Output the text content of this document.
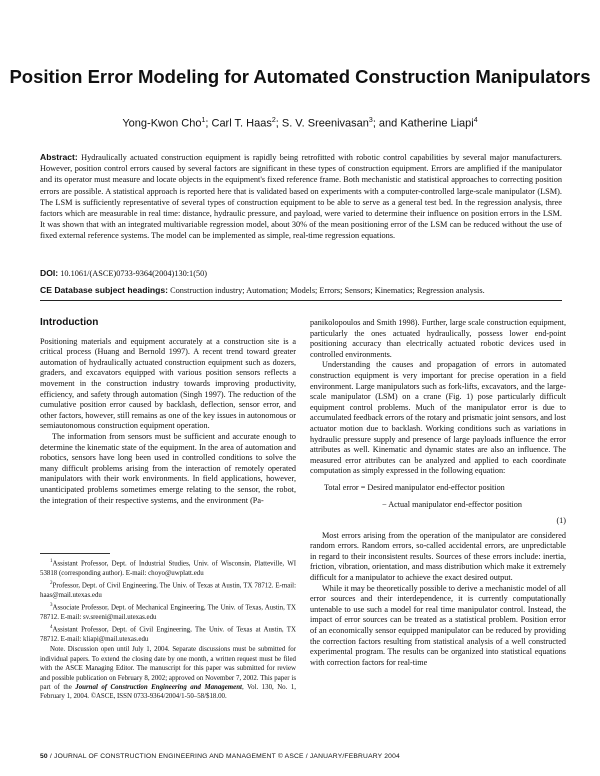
Position Error Modeling for Automated Construction Manipulators
Yong-Kwon Cho$^1$; Carl T. Haas$^2$; S. V. Sreenivasan$^3$; and Katherine Liapi$^4$
Abstract: Hydraulically actuated construction equipment is rapidly being retrofitted with robotic control capabilities by several major manufacturers. However, position control errors caused by several factors are significant in these types of construction equipment. Errors are amplified if the manipulator and its operator must measure and locate objects in the equipment's fixed reference frame. Both mechanistic and statistical approaches to correcting position errors are possible. A statistical approach is reported here that is validated based on experiments with a computer-controlled large-scale manipulator (LSM). The LSM is sufficiently representative of several types of construction equipment to be able to serve as a general test bed. In the regression analysis, three factors which are measurable in real time: distance, hydraulic pressure, and payload, were varied to determine their influence on position errors in the LSM. It was shown that with an integrated multivariable regression model, about 30% of the mean positioning error of the LSM can be reduced without the use of fixed external reference systems. The model can be implemented as simple, real-time regression equations.
DOI: 10.1061/(ASCE)0733-9364(2004)130:1(50)
CE Database subject headings: Construction industry; Automation; Models; Errors; Sensors; Kinematics; Regression analysis.
Introduction

Positioning materials and equipment accurately at a construction site is a critical process (Huang and Bernold 1997). A recent trend toward greater automation of hydraulically actuated construction equipment such as dozers, graders, and excavators equipped with various position sensors reflects a movement in the construction industry towards improving productivity, efficiency, and safety through automation (Singh 1997). The reduction of the cumulative position error caused by backlash, deflection, sensor error, and other factors, however, still remains as one of the key issues in autonomous or semiautonomous construction equipment operation.

The information from sensors must be sufficient and accurate enough to determine the kinematic state of the equipment. In the area of automation and robotics, sensors have long been used in controlled conditions to solve the many difficult problems arising from the interaction of remotely operated manipulators with their work environments. In field applications, however, unanticipated problems sometimes emerge relating to the sensor, the robot, the integration of their respective systems, and the environment (Pa-

$^1$Assistant Professor, Dept. of Industrial Studies, Univ. of Wisconsin, Platteville, WI 53818 (corresponding author). E-mail: choyo@uwplatt.edu

$^2$Professor, Dept. of Civil Engineering, The Univ. of Texas at Austin, TX 78712. E-mail: haas@mail.utexas.edu

$^3$Associate Professor, Dept. of Mechanical Engineering, The Univ. of Texas, Austin, TX 78712. E-mail: sv.sreeni@mail.utexas.edu

$^4$Assistant Professor, Dept. of Civil Engineering, The Univ. of Texas at Austin, TX 78712. E-mail: kliapi@mail.utexas.edu

Note. Discussion open until July 1, 2004. Separate discussions must be submitted for individual papers. To extend the closing date by one month, a written request must be filed with the ASCE Managing Editor. The manuscript for this paper was submitted for review and possible publication on February 8, 2002; approved on November 7, 2002. This paper is part of the Journal of Construction Engineering and Management, Vol. 130, No. 1, February 1, 2004. ©ASCE, ISSN 0733-9364/2004/1-50–58/$18.00.

panikolopoulos and Smith 1998). Further, large scale construction equipment, particularly the ones actuated hydraulically, possess lower end-point positioning accuracy than electrically actuated robotic devices used in controlled environments.

Understanding the causes and propagation of errors in automated construction equipment is very important for precise operation in a field environment. Large manipulators such as fork-lifts, excavators, and the large-scale manipulator (LSM) on a crane (Fig. 1) pose particularly difficult equipment control problems. Much of the manipulator error is due to accumulated feedback errors of the rotary and prismatic joint sensors, and lost actuator motion due to backlash. Working conditions such as variations in hydraulic pressure supply and presence of large payloads influence the error attributes as well. Kinematic and dynamic states are also an influence. The measured error attributes can be analyzed and applied to each coordinate computation as simply expressed in the following equation:

Total error = Desired manipulator end-effector position
− Actual manipulator end-effector position
(1)

Most errors arising from the operation of the manipulator are considered random errors. Random errors, so-called accidental errors, are unpredictable in regard to their inconsistent results. Sources of these errors include: inertia, friction, vibration, orientation, and mass distribution which make it extremely difficult for a manipulator to achieve the exact desired output.

While it may be theoretically possible to derive a mechanistic model of all error sources and their interdependence, it is currently computationally untenable to use such a model for real time manipulator control. Instead, the impact of error sources can be treated as a statistical problem. Position error of an economically sensor equipped manipulator can be reduced by providing the correction factors resulting from statistical analysis of a well constructed experimental program. The results can be organized into statistical equations with correction factors for real-time

50 / JOURNAL OF CONSTRUCTION ENGINEERING AND MANAGEMENT © ASCE / JANUARY/FEBRUARY 2004
